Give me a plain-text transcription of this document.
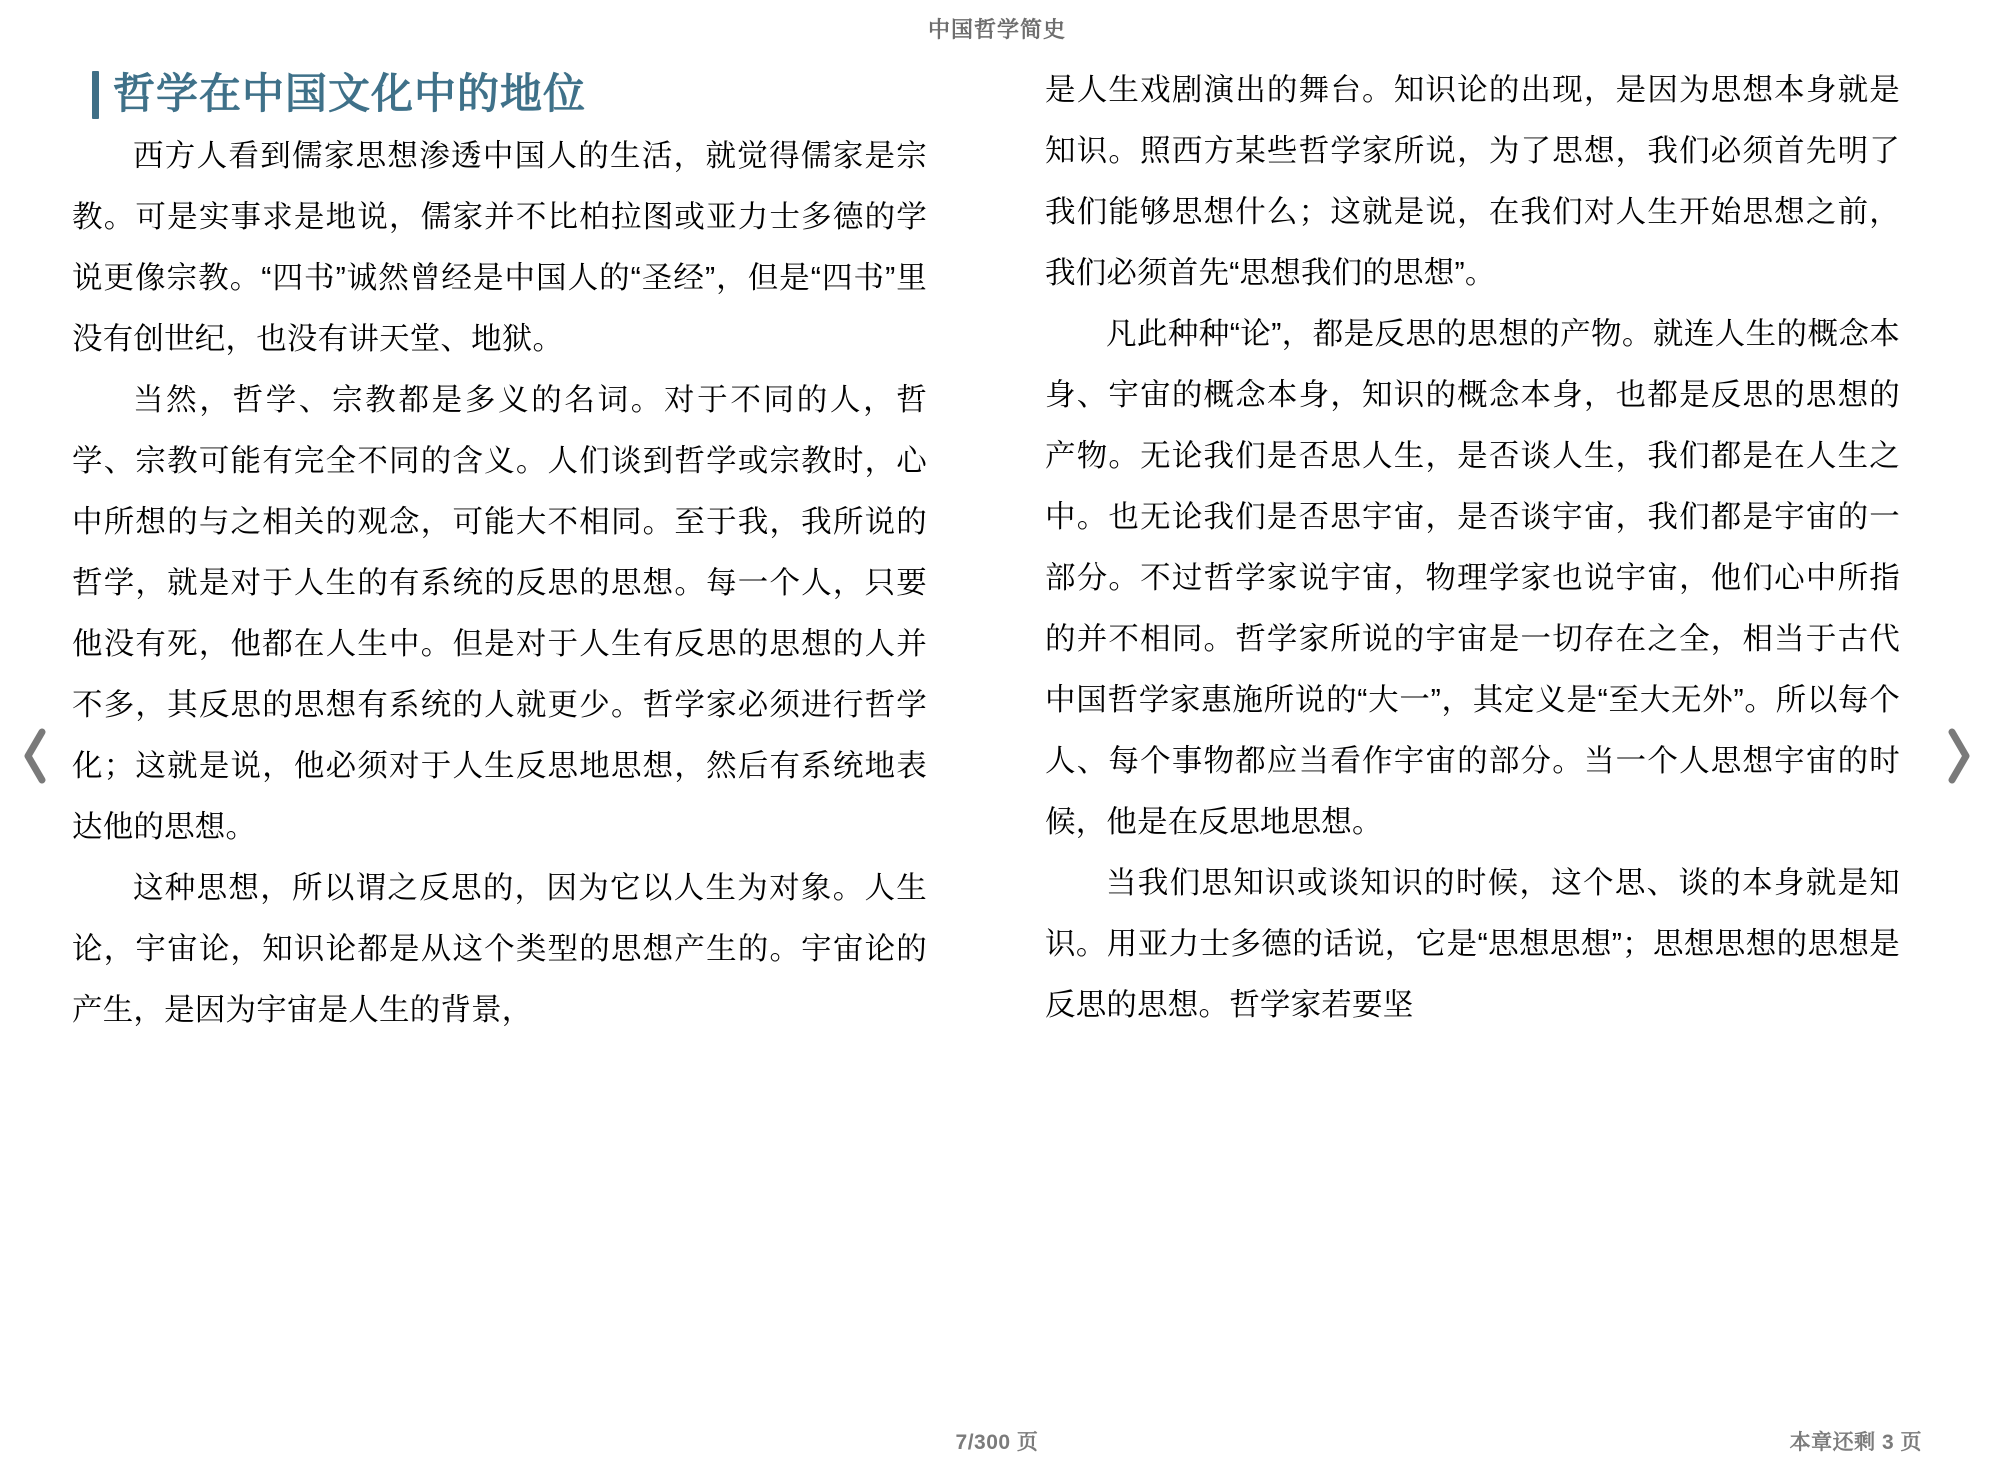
中国哲学简史
哲学在中国文化中的地位

西方人看到儒家思想渗透中国人的生活，就觉得儒家是宗教。可是实事求是地说，儒家并不比柏拉图或亚力士多德的学说更像宗教。“四书”诚然曾经是中国人的“圣经”，但是“四书”里没有创世纪，也没有讲天堂、地狱。

当然，哲学、宗教都是多义的名词。对于不同的人，哲学、宗教可能有完全不同的含义。人们谈到哲学或宗教时，心中所想的与之相关的观念，可能大不相同。至于我，我所说的哲学，就是对于人生的有系统的反思的思想。每一个人，只要他没有死，他都在人生中。但是对于人生有反思的思想的人并不多，其反思的思想有系统的人就更少。哲学家必须进行哲学化；这就是说，他必须对于人生反思地思想，然后有系统地表达他的思想。

这种思想，所以谓之反思的，因为它以人生为对象。人生论，宇宙论，知识论都是从这个类型的思想产生的。宇宙论的产生，是因为宇宙是人生的背景，

是人生戏剧演出的舞台。知识论的出现，是因为思想本身就是知识。照西方某些哲学家所说，为了思想，我们必须首先明了我们能够思想什么；这就是说，在我们对人生开始思想之前，我们必须首先“思想我们的思想”。

凡此种种“论”，都是反思的思想的产物。就连人生的概念本身、宇宙的概念本身，知识的概念本身，也都是反思的思想的产物。无论我们是否思人生，是否谈人生，我们都是在人生之中。也无论我们是否思宇宙，是否谈宇宙，我们都是宇宙的一部分。不过哲学家说宇宙，物理学家也说宇宙，他们心中所指的并不相同。哲学家所说的宇宙是一切存在之全，相当于古代中国哲学家惠施所说的“大一”，其定义是“至大无外”。所以每个人、每个事物都应当看作宇宙的部分。当一个人思想宇宙的时候，他是在反思地思想。

当我们思知识或谈知识的时候，这个思、谈的本身就是知识。用亚力士多德的话说，它是“思想思想”；思想思想的思想是反思的思想。哲学家若要坚

7/300 页	本章还剩 3 页
